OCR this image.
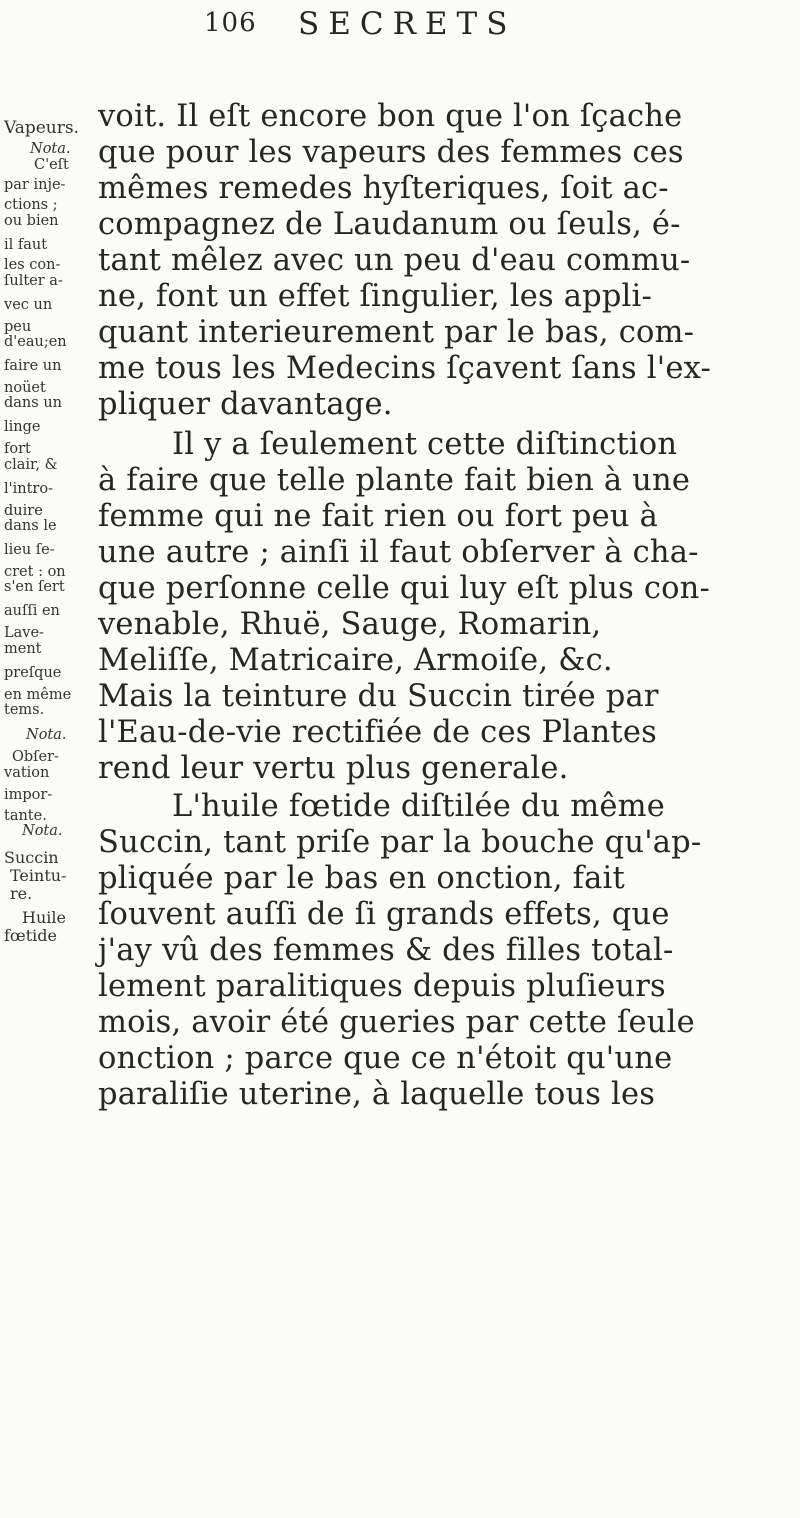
106 SECRETS
Vapeurs.
Nota.
C'eſt
par inje-
ctions ;
ou bien
il faut
les con-
ſulter a-
vec un
peu
d'eau;en
faire un
noüet
dans un
linge
fort
clair, &
l'intro-
duire
dans le
lieu ſe-
cret : on
s'en ſert
auſſi en
Lave-
ment
preſque
en même
tems.
Nota.
Obſer-
vation
impor-
tante.
Nota.
Succin
Teintu-
re.
Huile
fœtide
voit. Il eſt encore bon que l'on ſçache
que pour les vapeurs des femmes ces
mêmes remedes hyſteriques, ſoit ac-
compagnez de Laudanum ou ſeuls, é-
tant mêlez avec un peu d'eau commu-
ne, font un effet ſingulier, les appli-
quant interieurement par le bas, com-
me tous les Medecins ſçavent ſans l'ex-
pliquer davantage.
Il y a ſeulement cette diſtinction
à faire que telle plante fait bien à une
femme qui ne fait rien ou fort peu à
une autre ; ainſi il faut obſerver à cha-
que perſonne celle qui luy eſt plus con-
venable, Rhuë, Sauge, Romarin,
Meliſſe, Matricaire, Armoiſe, &c.
Mais la teinture du Succin tirée par
l'Eau-de-vie rectifiée de ces Plantes
rend leur vertu plus generale.
L'huile fœtide diſtilée du même
Succin, tant priſe par la bouche qu'ap-
pliquée par le bas en onction, fait
ſouvent auſſi de ſi grands effets, que
j'ay vû des femmes & des filles total-
lement paralitiques depuis pluſieurs
mois, avoir été gueries par cette ſeule
onction ; parce que ce n'étoit qu'une
paraliſie uterine, à laquelle tous les
